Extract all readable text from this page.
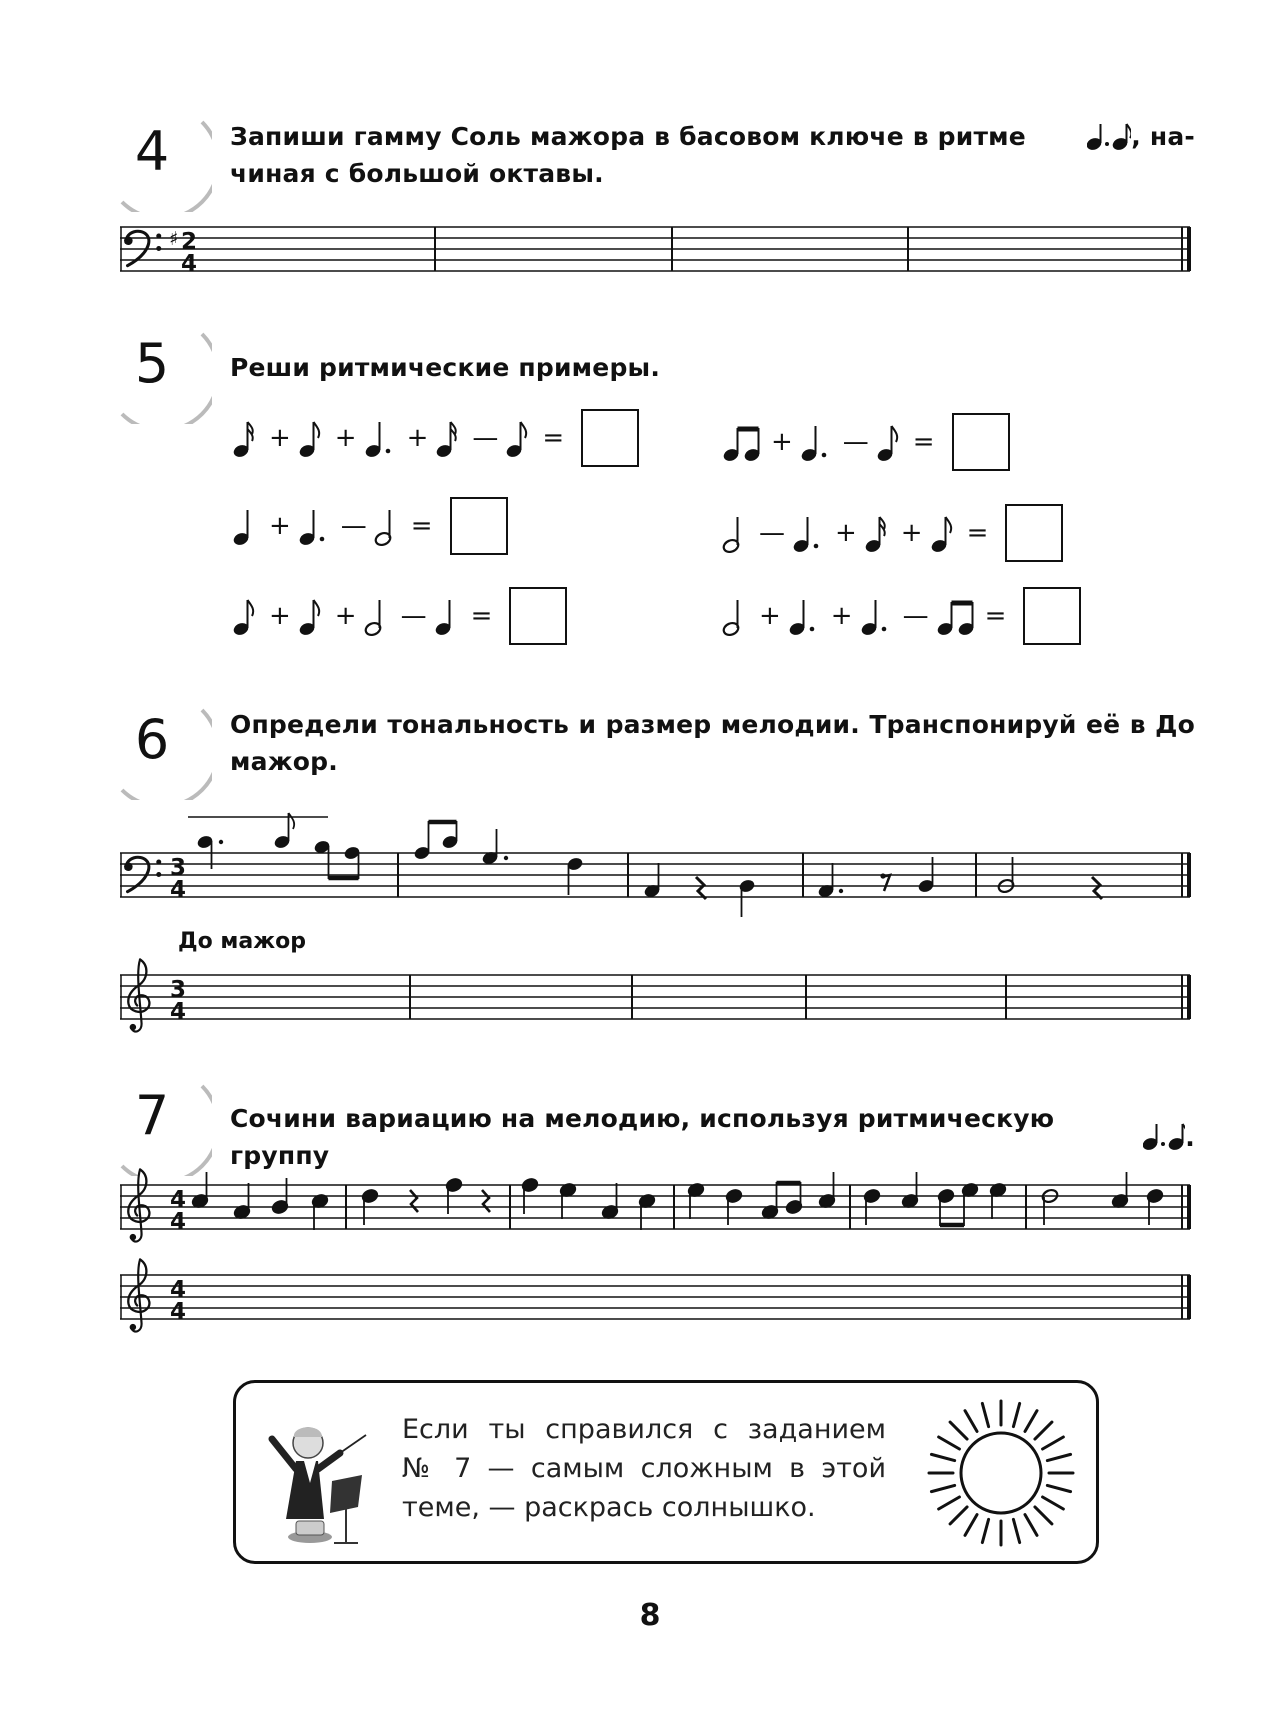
4	Запиши гамму Соль мажора в басовом ключе в ритме	, на-
чиная с большой октавы.
♯ 2
4
5	Реши ритмические примеры.
+ + + — =	+ — =
+ — =	— + + =
+ + — =	+ + — =
6	Определи тональность и размер мелодии. Транспонируй её в До
мажор.
3
4
До мажор
3
4
7	Сочини вариацию на мелодию, используя ритмическую группу
.
4
4
4
4
Если ты справился с заданием
№ 7 — самым сложным в этой
теме, — раскрась солнышко.
8
